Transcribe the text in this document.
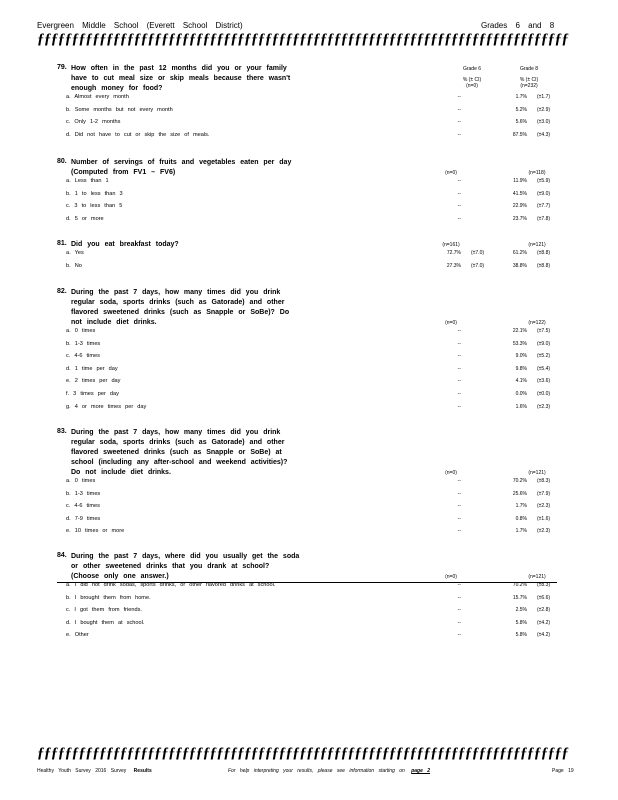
Evergreen Middle School (Everett School District)	Grades 6 and 8
ƒƒƒƒƒƒƒƒƒƒƒƒƒƒƒƒƒƒƒƒƒƒƒƒƒƒƒƒƒƒƒƒƒƒƒƒƒƒƒƒƒƒƒƒƒƒƒƒƒƒƒƒƒƒƒƒƒƒƒƒƒƒƒƒƒƒƒƒƒƒƒƒƒƒƒƒƒ
Grade 6
% (± CI)
(n=0)
Grade 8
% (± CI)
(n=232)
79. How often in the past 12 months did you or your family
have to cut meal size or skip meals because there wasn't
enough money for food?
a. Almost every month	--	1.7% (±1.7)
b. Some months but not every month	--	5.2% (±2.9)
c. Only 1-2 months	--	5.6% (±3.0)
d. Did not have to cut or skip the size of meals.	--	87.5% (±4.3)
80. Number of servings of fruits and vegetables eaten per day
(Computed from FV1 – FV6)	(n=0)	(n=118)
a. Less than 1	--	11.9% (±5.9)
b. 1 to less than 3	--	41.5% (±9.0)
c. 3 to less than 5	--	22.9% (±7.7)
d. 5 or more	--	23.7% (±7.8)
81. Did you eat breakfast today?	(n=161)	(n=121)
a. Yes	72.7% (±7.0)	61.2% (±8.8)
b. No	27.3% (±7.0)	38.8% (±8.8)
82. During the past 7 days, how many times did you drink
regular soda, sports drinks (such as Gatorade) and other
flavored sweetened drinks (such as Snapple or SoBe)? Do
not include diet drinks.	(n=0)	(n=122)
a. 0 times	--	22.1% (±7.5)
b. 1-3 times	--	53.3% (±9.0)
c. 4-6 times	--	9.0% (±5.2)
d. 1 time per day	--	9.8% (±5.4)
e. 2 times per day	--	4.1% (±3.6)
f. 3 times per day	--	0.0% (±0.0)
g. 4 or more times per day	--	1.6% (±2.3)
83. During the past 7 days, how many times did you drink
regular soda, sports drinks (such as Gatorade) and other
flavored sweetened drinks (such as Snapple or SoBe) at
school (including any after-school and weekend activities)?
Do not include diet drinks.	(n=0)	(n=121)
a. 0 times	--	70.2% (±8.3)
b. 1-3 times	--	25.6% (±7.9)
c. 4-6 times	--	1.7% (±2.3)
d. 7-9 times	--	0.8% (±1.6)
e. 10 times or more	--	1.7% (±2.3)
84. During the past 7 days, where did you usually get the soda
or other sweetened drinks that you drank at school?
(Choose only one answer.)	(n=0)	(n=121)
a. I did not drink sodas, sports drinks, or other flavored drinks at school.	--	70.2% (±8.3)
b. I brought them from home.	--	15.7% (±6.6)
c. I got them from friends.	--	2.5% (±2.8)
d. I bought them at school.	--	5.8% (±4.2)
e. Other	--	5.8% (±4.2)
ƒƒƒƒƒƒƒƒƒƒƒƒƒƒƒƒƒƒƒƒƒƒƒƒƒƒƒƒƒƒƒƒƒƒƒƒƒƒƒƒƒƒƒƒƒƒƒƒƒƒƒƒƒƒƒƒƒƒƒƒƒƒƒƒƒƒƒƒƒƒƒƒƒƒƒƒƒ
Healthy Youth Survey 2016 Survey Results	For help interpreting your results, please see information starting on page 2	Page 19
